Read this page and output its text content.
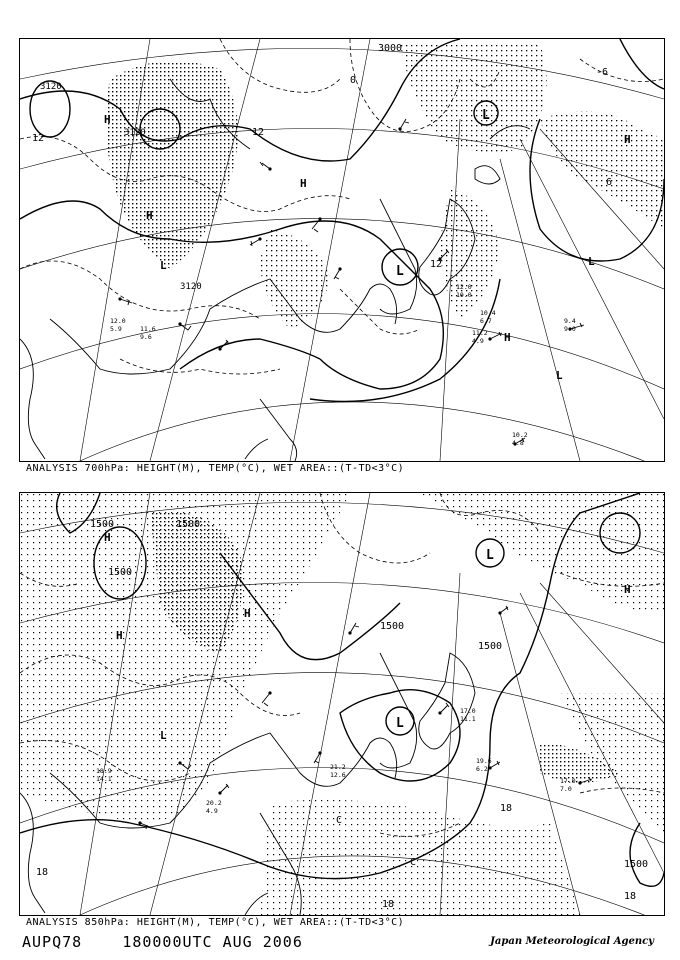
3000
3120
3120
3120
H
H
H
H
H
L
L
L
L
L
12
12
12
6
0
-6
10.4
6.7
11.2
4.9
9.4
9.0
12.0
5.9	11.6
9.6
10.2
4.8
12.0
10.0
ANALYSIS 700hPa: HEIGHT(M), TEMP(°C), WET AREA::(T-TD<3°C)
1500	1500
1500
1500
1500
1500
H
H
H
H
L
L
L
18
18
18
18
C
C
17.0
7.0
20.2
4.9
18.9
14.1
19.6
6.2
17.0
11.1
21.2
12.6
ANALYSIS 850hPa: HEIGHT(M), TEMP(°C), WET AREA::(T-TD<3°C)
AUPQ78	180000UTC AUG 2006	Japan Meteorological Agency
